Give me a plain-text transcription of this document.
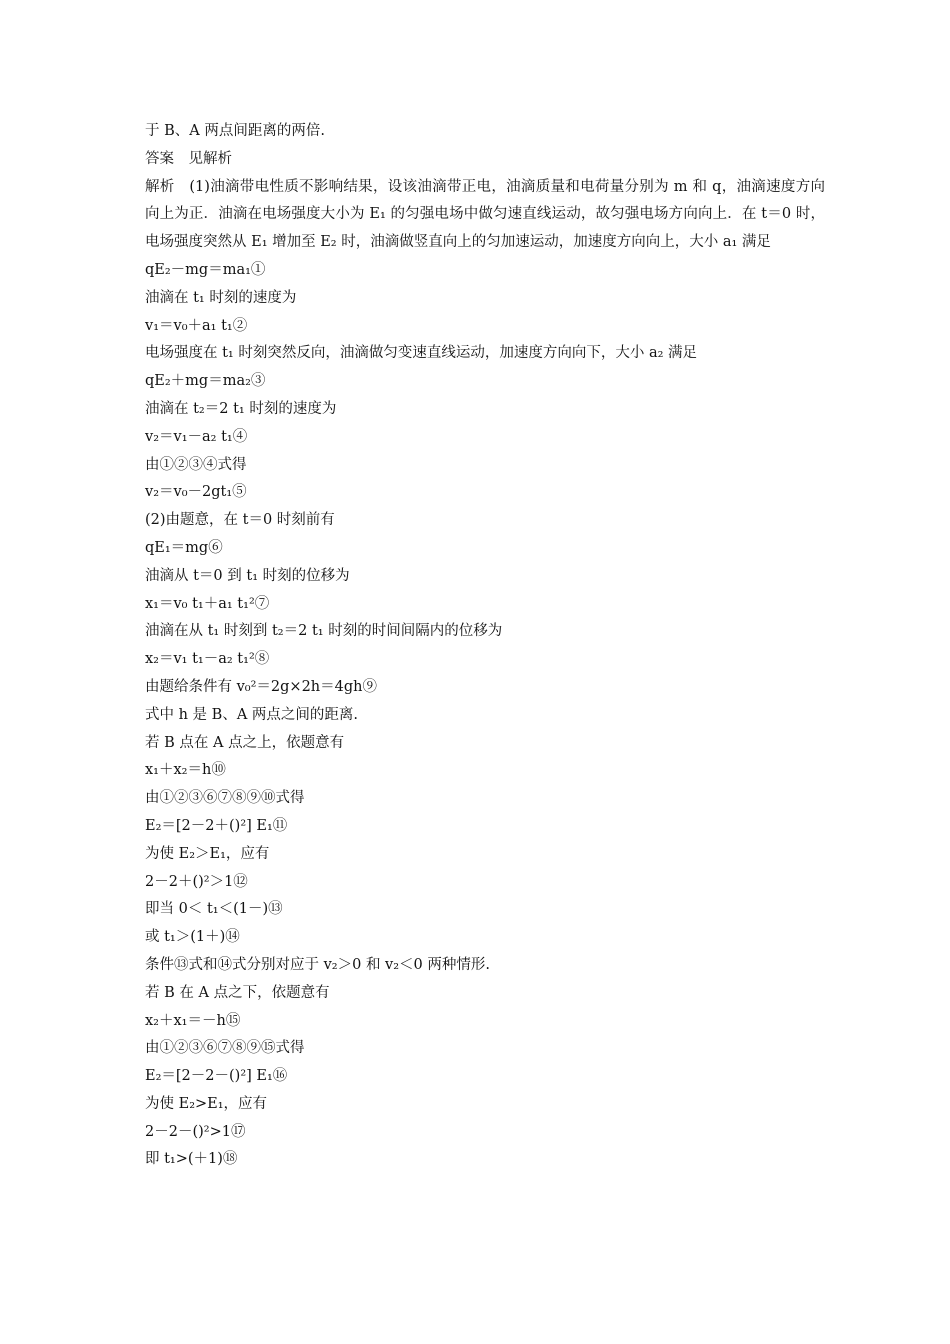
于 B、A 两点间距离的两倍.

答案　见解析

解析　(1)油滴带电性质不影响结果，设该油滴带正电，油滴质量和电荷量分别为 m 和 q，油滴速度方向向上为正．油滴在电场强度大小为 E₁ 的匀强电场中做匀速直线运动，故匀强电场方向向上．在 t＝0 时，电场强度突然从 E₁ 增加至 E₂ 时，油滴做竖直向上的匀加速运动，加速度方向向上，大小 a₁ 满足

qE₂－mg＝ma₁①

油滴在 t₁ 时刻的速度为

v₁＝v₀＋a₁ t₁②

电场强度在 t₁ 时刻突然反向，油滴做匀变速直线运动，加速度方向向下，大小 a₂ 满足

qE₂＋mg＝ma₂③

油滴在 t₂＝2 t₁ 时刻的速度为

v₂＝v₁－a₂ t₁④

由①②③④式得

v₂＝v₀－2gt₁⑤

(2)由题意，在 t＝0 时刻前有

qE₁＝mg⑥

油滴从 t＝0 到 t₁ 时刻的位移为

x₁＝v₀ t₁＋a₁ t₁²⑦

油滴在从 t₁ 时刻到 t₂＝2 t₁ 时刻的时间间隔内的位移为

x₂＝v₁ t₁－a₂ t₁²⑧

由题给条件有 v₀²＝2g×2h＝4gh⑨

式中 h 是 B、A 两点之间的距离.

若 B 点在 A 点之上，依题意有

x₁＋x₂＝h⑩

由①②③⑥⑦⑧⑨⑩式得

E₂＝[2－2＋()²] E₁⑪

为使 E₂＞E₁，应有

2－2＋()²＞1⑫

即当 0＜ t₁＜(1－)⑬

或 t₁＞(1＋)⑭

条件⑬式和⑭式分别对应于 v₂＞0 和 v₂＜0 两种情形.

若 B 在 A 点之下，依题意有

x₂＋x₁＝－h⑮

由①②③⑥⑦⑧⑨⑮式得

E₂＝[2－2－()²] E₁⑯

为使 E₂>E₁，应有

2－2－()²>1⑰

即 t₁>(＋1)⑱
